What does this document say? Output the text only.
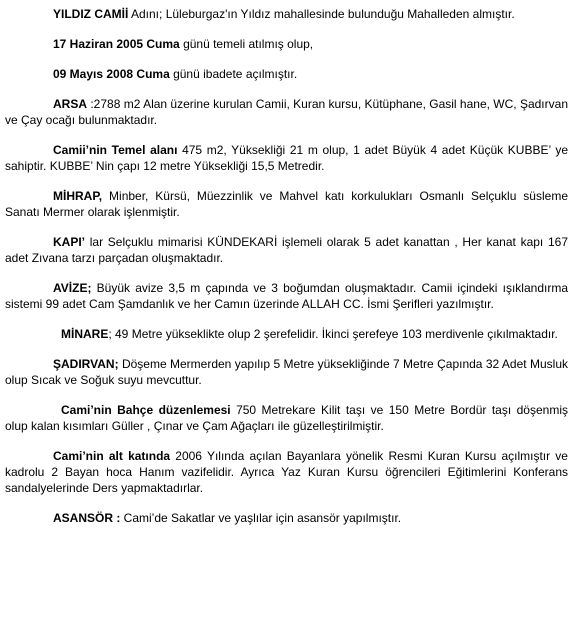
YILDIZ CAMİİ Adını; Lüleburgaz'ın Yıldız mahallesinde bulunduğu Mahalleden almıştır.

17 Haziran 2005 Cuma günü temeli atılmış olup,

09 Mayıs 2008 Cuma günü ibadete açılmıştır.

ARSA :2788 m2 Alan üzerine kurulan Camii, Kuran kursu, Kütüphane, Gasil hane, WC, Şadırvan ve Çay ocağı bulunmaktadır.

Camii’nin Temel alanı 475 m2, Yüksekliği 21 m olup, 1 adet Büyük 4 adet Küçük KUBBE’ ye sahiptir. KUBBE’ Nin çapı 12 metre Yüksekliği 15,5 Metredir.

MİHRAP, Minber, Kürsü, Müezzinlik ve Mahvel katı korkulukları Osmanlı Selçuklu süsleme Sanatı Mermer olarak işlenmiştir.

KAPI’ lar Selçuklu mimarisi KÜNDEKARİ işlemeli olarak 5 adet kanattan , Her kanat kapı 167 adet Zıvana tarzı parçadan oluşmaktadır.

AVİZE; Büyük avize 3,5 m çapında ve 3 boğumdan oluşmaktadır. Camii içindeki ışıklandırma sistemi 99 adet Cam Şamdanlık ve her Camın üzerinde ALLAH CC. İsmi Şerifleri yazılmıştır.

MİNARE; 49 Metre yükseklikte olup 2 şerefelidir. İkinci şerefeye 103 merdivenle çıkılmaktadır.

ŞADIRVAN; Döşeme Mermerden yapılıp 5 Metre yüksekliğinde 7 Metre Çapında 32 Adet Musluk olup Sıcak ve Soğuk suyu mevcuttur.

Cami’nin Bahçe düzenlemesi 750 Metrekare Kilit taşı ve 150 Metre Bordür taşı döşenmiş olup kalan kısımları Güller , Çınar ve Çam Ağaçları ile güzelleştirilmiştir.

Cami’nin alt katında 2006 Yılında açılan Bayanlara yönelik Resmi Kuran Kursu açılmıştır ve kadrolu 2 Bayan hoca Hanım vazifelidir. Ayrıca Yaz Kuran Kursu öğrencileri Eğitimlerini Konferans sandalyelerinde Ders yapmaktadırlar.

ASANSÖR : Cami’de Sakatlar ve yaşlılar için asansör yapılmıştır.
